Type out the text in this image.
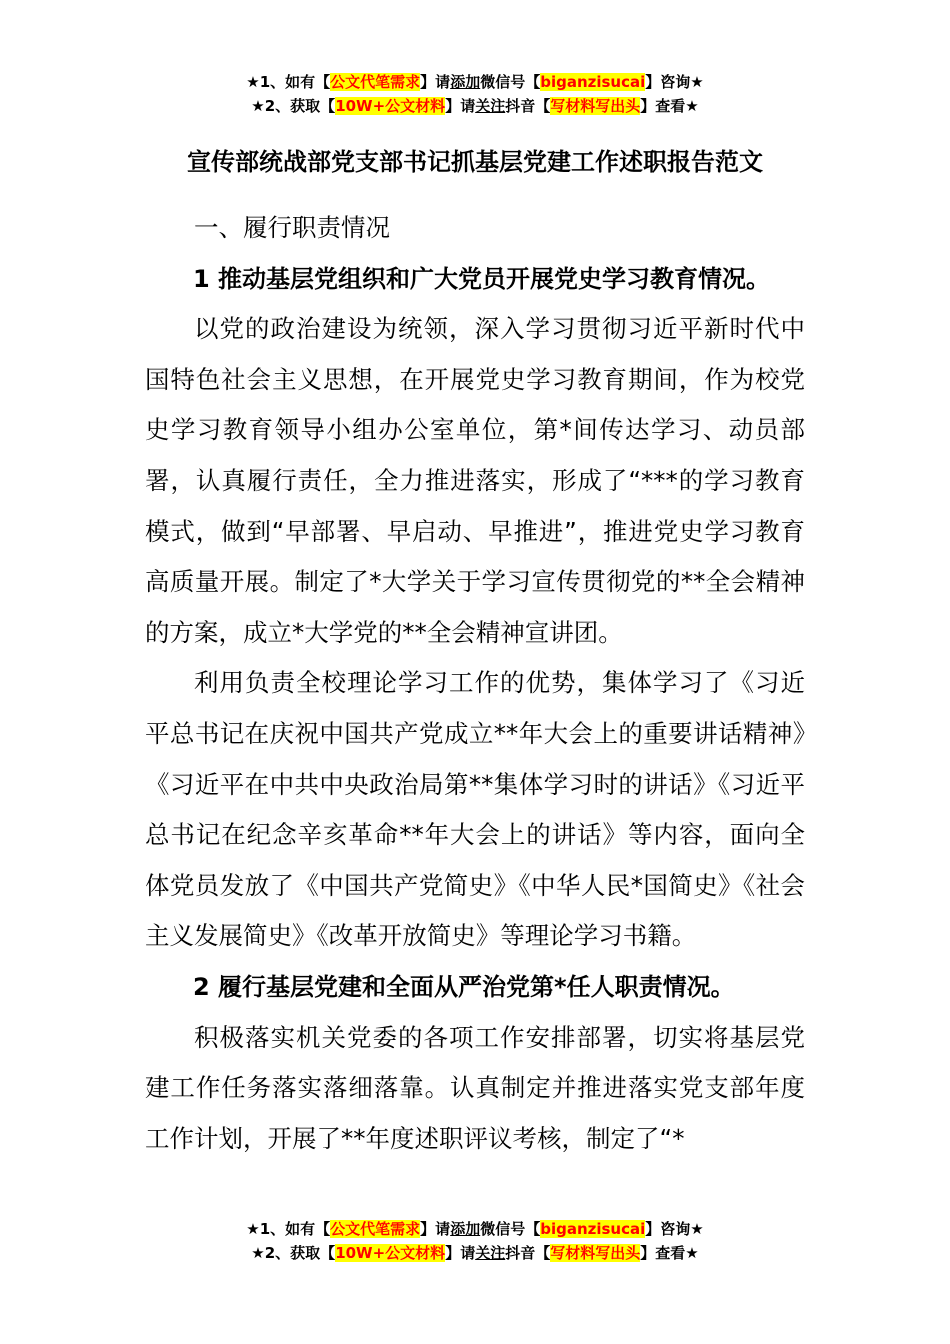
★1、如有【公文代笔需求】请添加微信号【biganzisucai】咨询★
★2、获取【10W+公文材料】请关注抖音【写材料写出头】查看★
宣传部统战部党支部书记抓基层党建工作述职报告范文

一、履行职责情况

1 推动基层党组织和广大党员开展党史学习教育情况。

以党的政治建设为统领，深入学习贯彻习近平新时代中国特色社会主义思想，在开展党史学习教育期间，作为校党史学习教育领导小组办公室单位，第*间传达学习、动员部署，认真履行责任，全力推进落实，形成了“***的学习教育模式，做到“早部署、早启动、早推进”，推进党史学习教育高质量开展。制定了*大学关于学习宣传贯彻党的**全会精神的方案，成立*大学党的**全会精神宣讲团。

利用负责全校理论学习工作的优势，集体学习了《习近平总书记在庆祝中国共产党成立**年大会上的重要讲话精神》《习近平在中共中央政治局第**集体学习时的讲话》《习近平总书记在纪念辛亥革命**年大会上的讲话》等内容，面向全体党员发放了《中国共产党简史》《中华人民*国简史》《社会主义发展简史》《改革开放简史》等理论学习书籍。

2 履行基层党建和全面从严治党第*任人职责情况。

积极落实机关党委的各项工作安排部署，切实将基层党建工作任务落实落细落靠。认真制定并推进落实党支部年度工作计划，开展了**年度述职评议考核，制定了“*

★1、如有【公文代笔需求】请添加微信号【biganzisucai】咨询★
★2、获取【10W+公文材料】请关注抖音【写材料写出头】查看★
